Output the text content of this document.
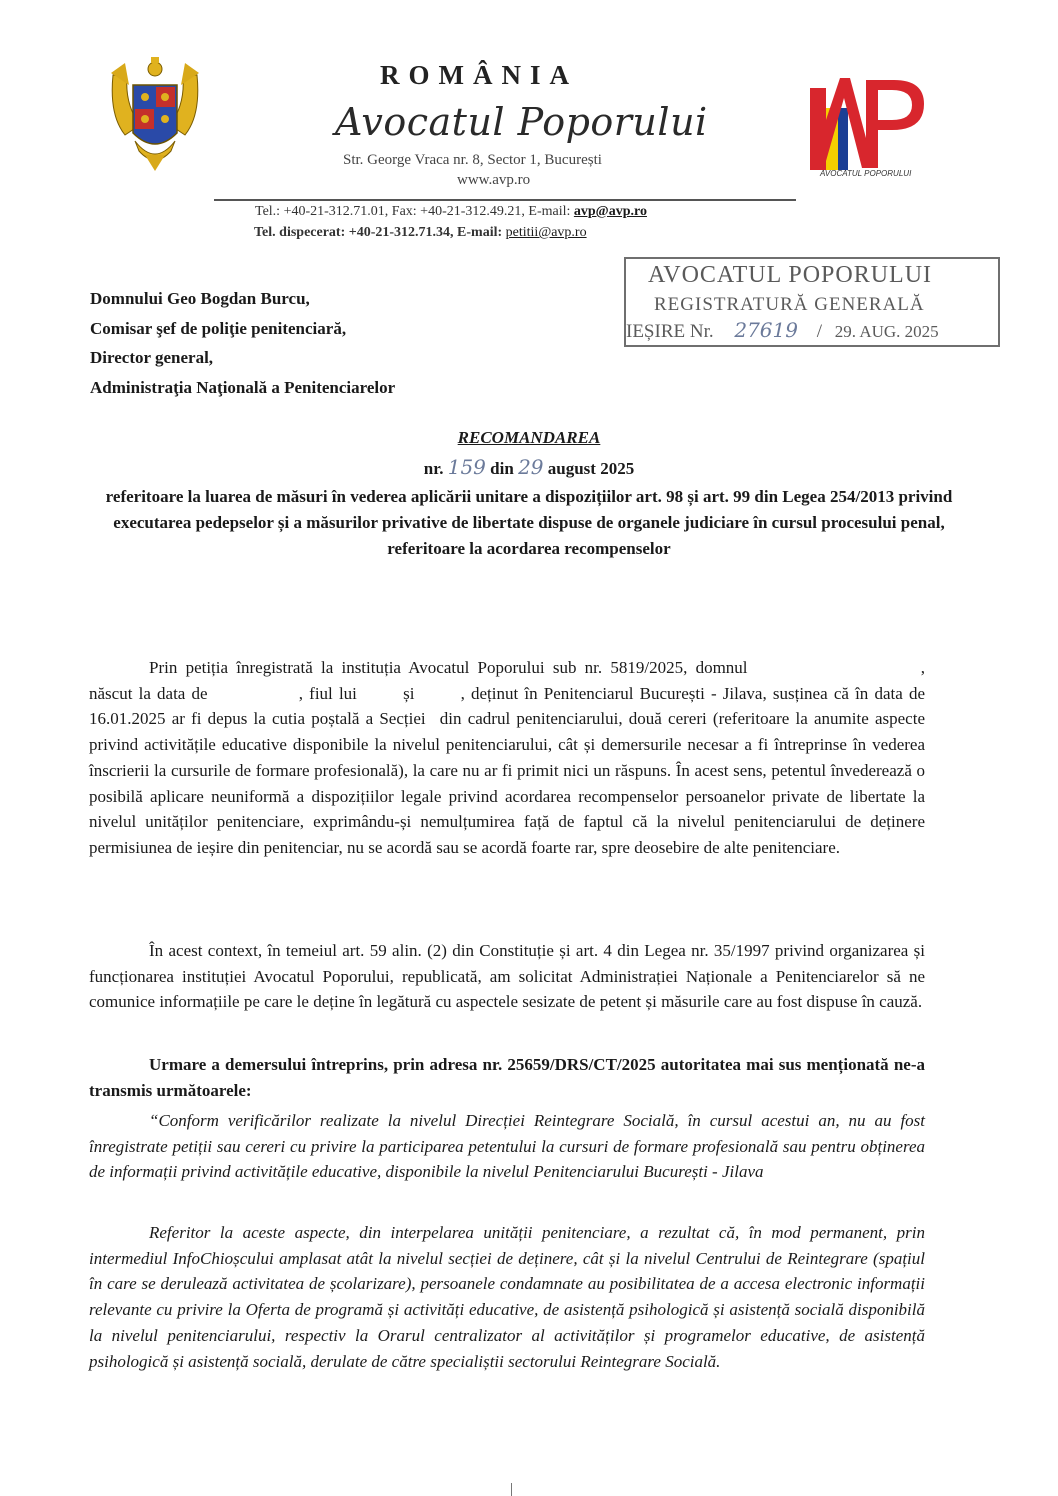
ROMÂNIA
Avocatul Poporului
Str. George Vraca nr. 8, Sector 1, București
www.avp.ro	AVOCATUL POPORULUI
Tel.: +40-21-312.71.01, Fax: +40-21-312.49.21, E-mail: avp@avp.ro
Tel. dispecerat: +40-21-312.71.34, E-mail: petitii@avp.ro
AVOCATUL POPORULUI
REGISTRATURĂ GENERALĂ
IEȘIRE Nr. 27619 / 29. AUG. 2025
Domnului Geo Bogdan Burcu,
Comisar şef de poliţie penitenciară,
Director general,
Administraţia Naţională a Penitenciarelor
RECOMANDAREA
nr. 159 din 29 august 2025
referitoare la luarea de măsuri în vederea aplicării unitare a dispozițiilor art. 98 și art. 99 din Legea 254/2013 privind executarea pedepselor și a măsurilor privative de libertate dispuse de organele judiciare în cursul procesului penal, referitoare la acordarea recompenselor
Prin petiția înregistrată la instituția Avocatul Poporului sub nr. 5819/2025, domnul	, născut la data de	, fiul lui	și	, deținut în Penitenciarul București - Jilava, susținea că în data de 16.01.2025 ar fi depus la cutia poștală a Secției din cadrul penitenciarului, două cereri (referitoare la anumite aspecte privind activitățile educative disponibile la nivelul penitenciarului, cât și demersurile necesar a fi întreprinse în vederea înscrierii la cursurile de formare profesională), la care nu ar fi primit nici un răspuns. În acest sens, petentul învederează o posibilă aplicare neuniformă a dispozițiilor legale privind acordarea recompenselor persoanelor private de libertate la nivelul unităților penitenciare, exprimându-și nemulțumirea față de faptul că la nivelul penitenciarului de deținere permisiunea de ieșire din penitenciar, nu se acordă sau se acordă foarte rar, spre deosebire de alte penitenciare.
În acest context, în temeiul art. 59 alin. (2) din Constituție și art. 4 din Legea nr. 35/1997 privind organizarea și funcționarea instituției Avocatul Poporului, republicată, am solicitat Administrației Naționale a Penitenciarelor să ne comunice informațiile pe care le deține în legătură cu aspectele sesizate de petent și măsurile care au fost dispuse în cauză.
Urmare a demersului întreprins, prin adresa nr. 25659/DRS/CT/2025 autoritatea mai sus menționată ne-a transmis următoarele:
“Conform verificărilor realizate la nivelul Direcției Reintegrare Socială, în cursul acestui an, nu au fost înregistrate petiții sau cereri cu privire la participarea petentului la cursuri de formare profesională sau pentru obținerea de informații privind activitățile educative, disponibile la nivelul Penitenciarului București - Jilava
Referitor la aceste aspecte, din interpelarea unității penitenciare, a rezultat că, în mod permanent, prin intermediul InfoChioșcului amplasat atât la nivelul secției de deținere, cât și la nivelul Centrului de Reintegrare (spațiul în care se derulează activitatea de școlarizare), persoanele condamnate au posibilitatea de a accesa electronic informații relevante cu privire la Oferta de programă și activități educative, de asistență psihologică și asistență socială disponibilă la nivelul penitenciarului, respectiv la Orarul centralizator al activităților și programelor educative, de asistență psihologică și asistență socială, derulate de către specialiștii sectorului Reintegrare Socială.
